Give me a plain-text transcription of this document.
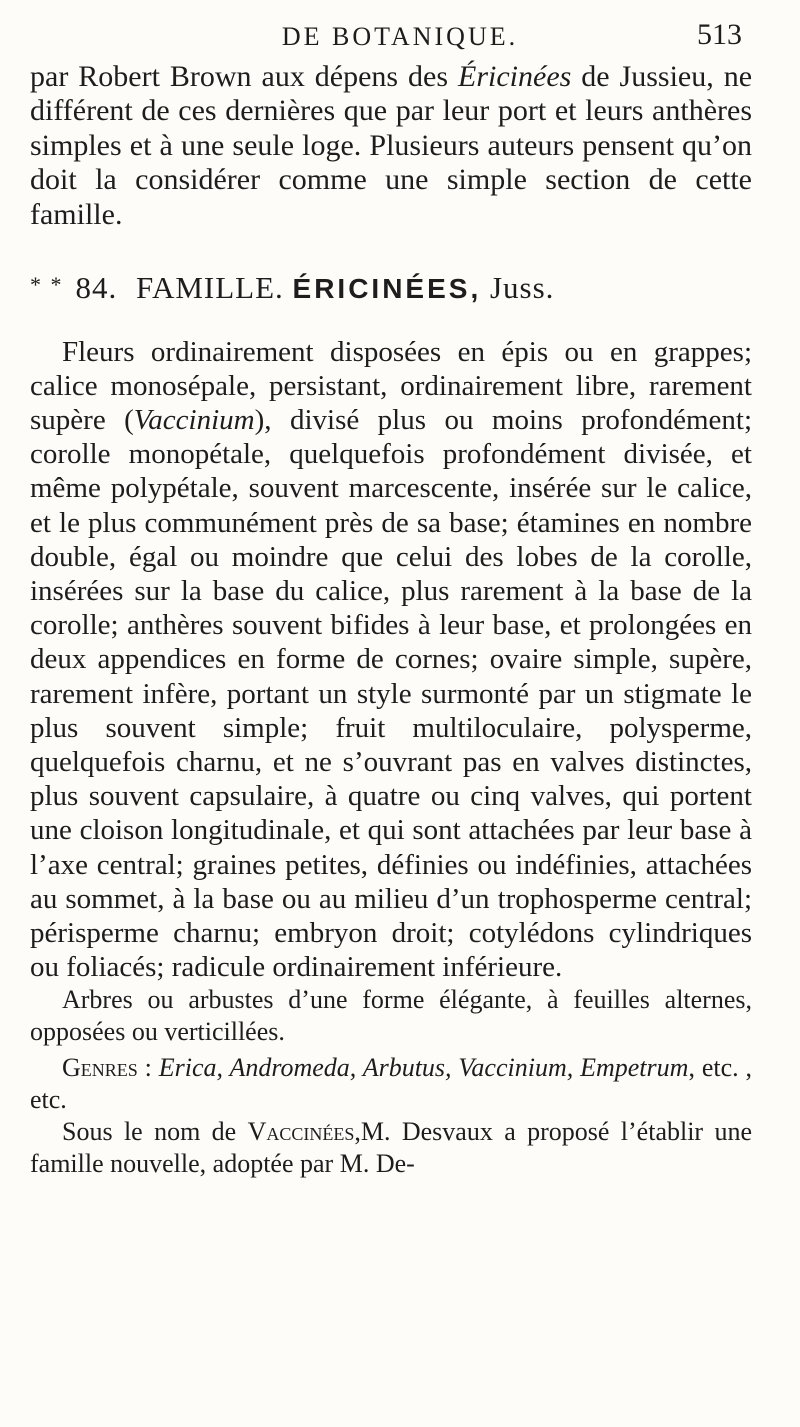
DE BOTANIQUE.	513

par Robert Brown aux dépens des Éricinées de Jussieu, ne différent de ces dernières que par leur port et leurs anthères simples et à une seule loge. Plusieurs auteurs pensent qu’on doit la considérer comme une simple section de cette famille.

* * 84. FAMILLE. ÉRICINÉES, Juss.

Fleurs ordinairement disposées en épis ou en grappes; calice monosépale, persistant, ordinairement libre, rarement supère (Vaccinium), divisé plus ou moins profondément; corolle monopétale, quelquefois profondément divisée, et même polypétale, souvent marcescente, insérée sur le calice, et le plus communément près de sa base; étamines en nombre double, égal ou moindre que celui des lobes de la corolle, insérées sur la base du calice, plus rarement à la base de la corolle; anthères souvent bifides à leur base, et prolongées en deux appendices en forme de cornes; ovaire simple, supère, rarement infère, portant un style surmonté par un stigmate le plus souvent simple; fruit multiloculaire, polysperme, quelquefois charnu, et ne s’ouvrant pas en valves distinctes, plus souvent capsulaire, à quatre ou cinq valves, qui portent une cloison longitudinale, et qui sont attachées par leur base à l’axe central; graines petites, définies ou indéfinies, attachées au sommet, à la base ou au milieu d’un trophosperme central; périsperme charnu; embryon droit; cotylédons cylindriques ou foliacés; radicule ordinairement inférieure.

Arbres ou arbustes d’une forme élégante, à feuilles alternes, opposées ou verticillées.

Genres : Erica, Andromeda, Arbutus, Vaccinium, Empetrum, etc. , etc.

Sous le nom de Vaccinées,M. Desvaux a proposé l’établir une famille nouvelle, adoptée par M. De-
